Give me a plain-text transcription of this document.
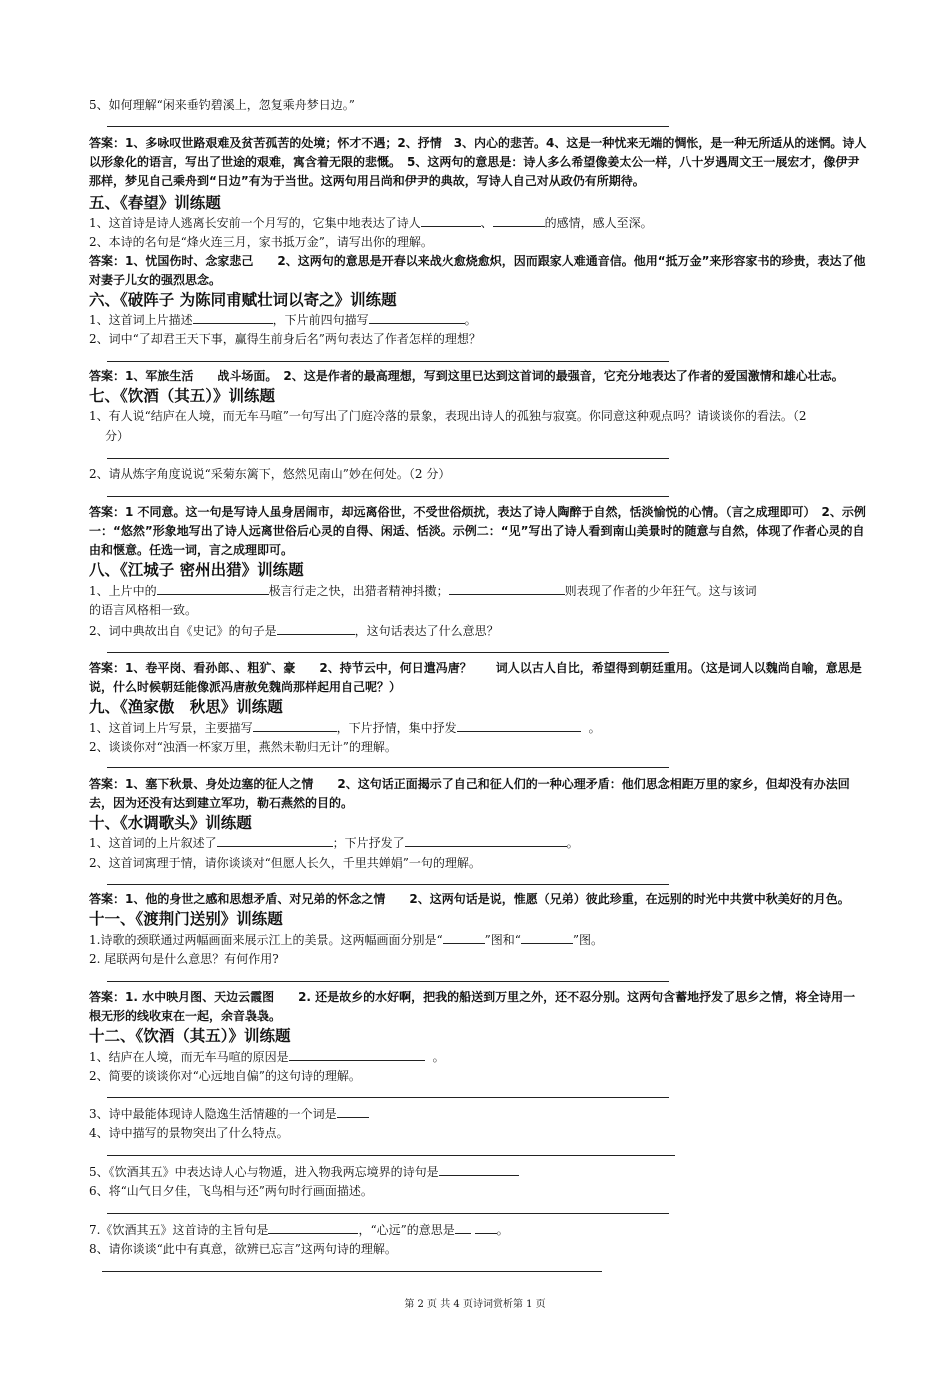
5、如何理解“闲来垂钓碧溪上，忽复乘舟梦日边。”
答案：1、多咏叹世路艰难及贫苦孤苦的处境；怀才不遇；2、抒情　3、内心的悲苦。4、这是一种忧来无端的惆怅，是一种无所适从的迷惘。诗人以形象化的语言，写出了世途的艰难，寓含着无限的悲慨。　5、这两句的意思是：诗人多么希望像姜太公一样，八十岁遇周文王一展宏才，像伊尹那样，梦见自己乘舟到“日边”有为于当世。这两句用吕尚和伊尹的典故，写诗人自己对从政仍有所期待。
五、《春望》训练题
1、这首诗是诗人逃离长安前一个月写的，它集中地表达了诗人	、	的感情，感人至深。
2、本诗的名句是“烽火连三月，家书抵万金”，请写出你的理解。
答案：1、忧国伤时、念家悲己　　2、这两句的意思是开春以来战火愈烧愈炽，因而跟家人难通音信。他用“抵万金”来形容家书的珍贵，表达了他对妻子儿女的强烈思念。
六、《破阵子 为陈同甫赋壮词以寄之》训练题
1、这首词上片描述	，下片前四句描写	。
2、词中“了却君王天下事，赢得生前身后名”两句表达了作者怎样的理想？
答案：1、军旅生活　　战斗场面。　2、这是作者的最高理想，写到这里已达到这首词的最强音，它充分地表达了作者的爱国激情和雄心壮志。
七、《饮酒（其五）》训练题
1、有人说“结庐在人境，而无车马喧”一句写出了门庭冷落的景象，表现出诗人的孤独与寂寞。你同意这种观点吗？请谈谈你的看法。（2
分）
2、请从炼字角度说说“采菊东篱下，悠然见南山”妙在何处。（2 分）
答案：1 不同意。这一句是写诗人虽身居闹市，却远离俗世，不受世俗烦扰，表达了诗人陶醉于自然，恬淡愉悦的心情。（言之成理即可）　2、示例一：“悠然”形象地写出了诗人远离世俗后心灵的自得、闲适、恬淡。示例二：“见”写出了诗人看到南山美景时的随意与自然，体现了作者心灵的自由和惬意。任选一词，言之成理即可。
八、《江城子 密州出猎》训练题
1、上片中的	极言行走之快，出猎者精神抖擞；	则表现了作者的少年狂气。这与该词
的语言风格相一致。
2、词中典故出自《史记》的句子是	，这句话表达了什么意思？
答案：1、卷平岗、看孙郎、、粗犷、豪　　2、持节云中，何日遣冯唐？　　词人以古人自比，希望得到朝廷重用。（这是词人以魏尚自喻，意思是说，什么时候朝廷能像派冯唐赦免魏尚那样起用自己呢？）
九、《渔家傲　秋思》训练题
1、这首词上片写景，主要描写	，下片抒情，集中抒发	。
2、谈谈你对“浊酒一杯家万里，燕然未勒归无计”的理解。
答案：1、塞下秋景、身处边塞的征人之情　　2、这句话正面揭示了自己和征人们的一种心理矛盾：他们思念相距万里的家乡，但却没有办法回去，因为还没有达到建立军功，勒石燕然的目的。
十、《水调歌头》训练题
1、这首词的上片叙述了	；下片抒发了	。
2、这首词寓理于情，请你谈谈对“但愿人长久，千里共婵娟”一句的理解。
答案：1、他的身世之感和思想矛盾、对兄弟的怀念之情　　2、这两句话是说，惟愿（兄弟）彼此珍重，在远别的时光中共赏中秋美好的月色。
十一、《渡荆门送别》训练题
1.诗歌的颈联通过两幅画面来展示江上的美景。这两幅画面分别是“	”图和“	”图。
2. 尾联两句是什么意思？有何作用?
答案：1. 水中映月图、天边云霞图　　2. 还是故乡的水好啊，把我的船送到万里之外，还不忍分别。这两句含蓄地抒发了思乡之情，将全诗用一根无形的线收束在一起，余音袅袅。
十二、《饮酒（其五）》训练题
1、结庐在人境，而无车马喧的原因是	。
2、简要的谈谈你对“心远地自偏”的这句诗的理解。
3、诗中最能体现诗人隐逸生活情趣的一个词是
4、诗中描写的景物突出了什么特点。
5、《饮酒其五》中表达诗人心与物遁，进入物我两忘境界的诗句是
6、将“山气日夕佳，飞鸟相与还”两句时行画面描述。
7.《饮酒其五》这首诗的主旨句是	，“心远”的意思是	。
8、请你谈谈“此中有真意，欲辨已忘言”这两句诗的理解。
第 2 页 共 4 页诗词赏析第 1 页
